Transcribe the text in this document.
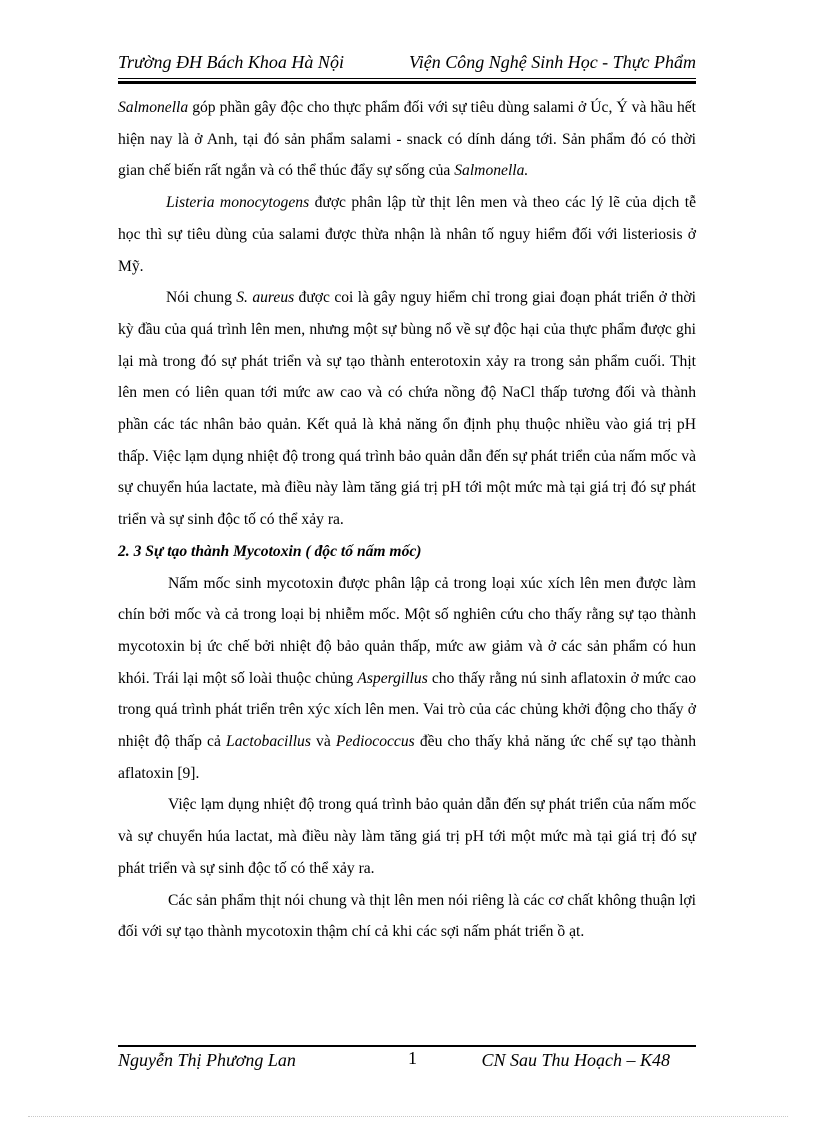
Trường ĐH Bách Khoa Hà Nội	Viện Công Nghệ Sinh Học - Thực Phẩm

Salmonella góp phần gây độc cho thực phẩm đối với sự tiêu dùng salami ở Úc, Ý và hầu hết hiện nay là ở Anh, tại đó sản phẩm salami - snack có dính dáng tới. Sản phẩm đó có thời gian chế biến rất ngắn và có thể thúc đẩy sự sống của Salmonella.

Listeria monocytogens được phân lập từ thịt lên men và theo các lý lẽ của dịch tễ học thì sự tiêu dùng của salami được thừa nhận là nhân tố nguy hiểm đối với listeriosis ở Mỹ.

Nói chung S. aureus được coi là gây nguy hiểm chỉ trong giai đoạn phát triển ở thời kỳ đầu của quá trình lên men, nhưng một sự bùng nổ về sự độc hại của thực phẩm được ghi lại mà trong đó sự phát triển và sự tạo thành enterotoxin xảy ra trong sản phẩm cuối. Thịt lên men có liên quan tới mức aw cao và có chứa nồng độ NaCl thấp tương đối và thành phần các tác nhân bảo quản. Kết quả là khả năng ổn định phụ thuộc nhiều vào giá trị pH thấp. Việc lạm dụng nhiệt độ trong quá trình bảo quản dẫn đến sự phát triển của nấm mốc và sự chuyển húa lactate, mà điều này làm tăng giá trị pH tới một mức mà tại giá trị đó sự phát triển và sự sinh độc tố có thể xảy ra.

2. 3 Sự tạo thành Mycotoxin ( độc tố nấm mốc)

Nấm mốc sinh mycotoxin được phân lập cả trong loại xúc xích lên men được làm chín bởi mốc và cả trong loại bị nhiễm mốc. Một số nghiên cứu cho thấy rằng sự tạo thành mycotoxin bị ức chế bởi nhiệt độ bảo quản thấp, mức aw giảm và ở các sản phẩm có hun khói. Trái lại một số loài thuộc chủng Aspergillus cho thấy rằng nú sinh aflatoxin ở mức cao trong quá trình phát triển trên xýc xích lên men. Vai trò của các chủng khởi động cho thấy ở nhiệt độ thấp cả Lactobacillus và Pediococcus đều cho thấy khả năng ức chế sự tạo thành aflatoxin [9].

Việc lạm dụng nhiệt độ trong quá trình bảo quản dẫn đến sự phát triển của nấm mốc và sự chuyển húa lactat, mà điều này làm tăng giá trị pH tới một mức mà tại giá trị đó sự phát triển và sự sinh độc tố có thể xảy ra.

Các sản phẩm thịt nói chung và thịt lên men nói riêng là các cơ chất không thuận lợi đối với sự tạo thành mycotoxin thậm chí cả khi các sợi nấm phát triển ồ ạt.

Nguyễn Thị Phương Lan	1	CN Sau Thu Hoạch – K48
